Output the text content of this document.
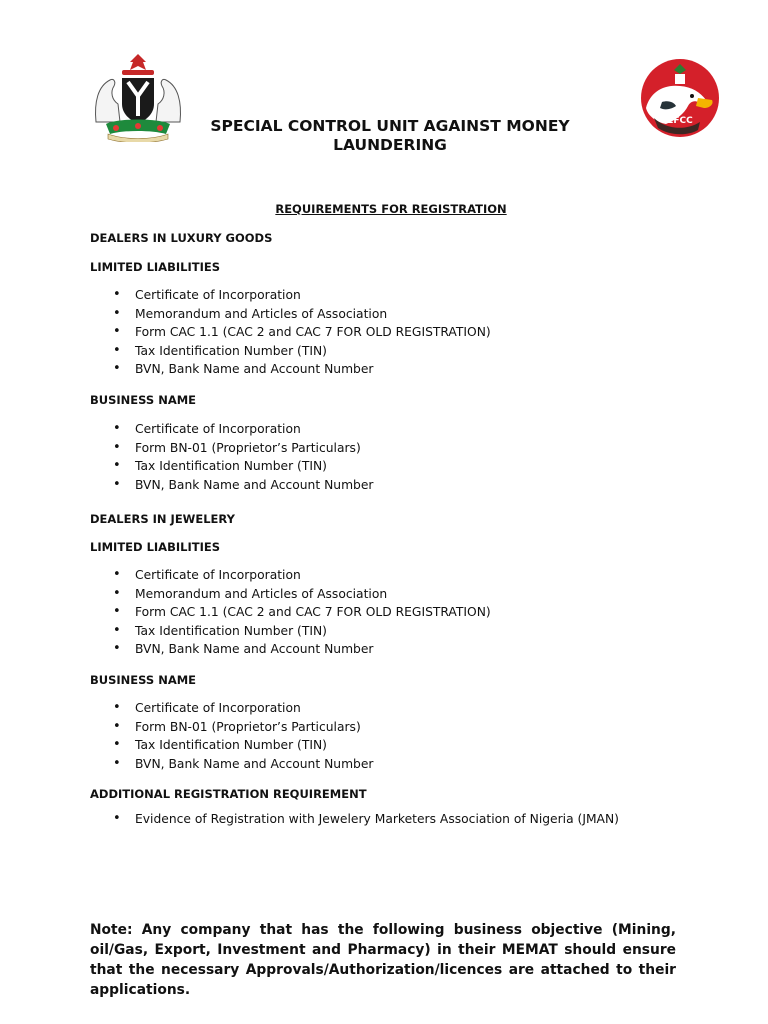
EFCC
SPECIAL CONTROL UNIT AGAINST MONEY
LAUNDERING
REQUIREMENTS FOR REGISTRATION
DEALERS IN LUXURY GOODS
LIMITED LIABILITIES
• Certificate of Incorporation
• Memorandum and Articles of Association
• Form CAC 1.1 (CAC 2 and CAC 7 FOR OLD REGISTRATION)
• Tax Identification Number (TIN)
• BVN, Bank Name and Account Number
BUSINESS NAME
• Certificate of Incorporation
• Form BN-01 (Proprietor’s Particulars)
• Tax Identification Number (TIN)
• BVN, Bank Name and Account Number
DEALERS IN JEWELERY
LIMITED LIABILITIES
• Certificate of Incorporation
• Memorandum and Articles of Association
• Form CAC 1.1 (CAC 2 and CAC 7 FOR OLD REGISTRATION)
• Tax Identification Number (TIN)
• BVN, Bank Name and Account Number
BUSINESS NAME
• Certificate of Incorporation
• Form BN-01 (Proprietor’s Particulars)
• Tax Identification Number (TIN)
• BVN, Bank Name and Account Number
ADDITIONAL REGISTRATION REQUIREMENT
• Evidence of Registration with Jewelery Marketers Association of Nigeria (JMAN)
Note: Any company that has the following business objective (Mining, oil/Gas, Export, Investment and Pharmacy) in their MEMAT should ensure that the necessary Approvals/Authorization/licences are attached to their applications.
